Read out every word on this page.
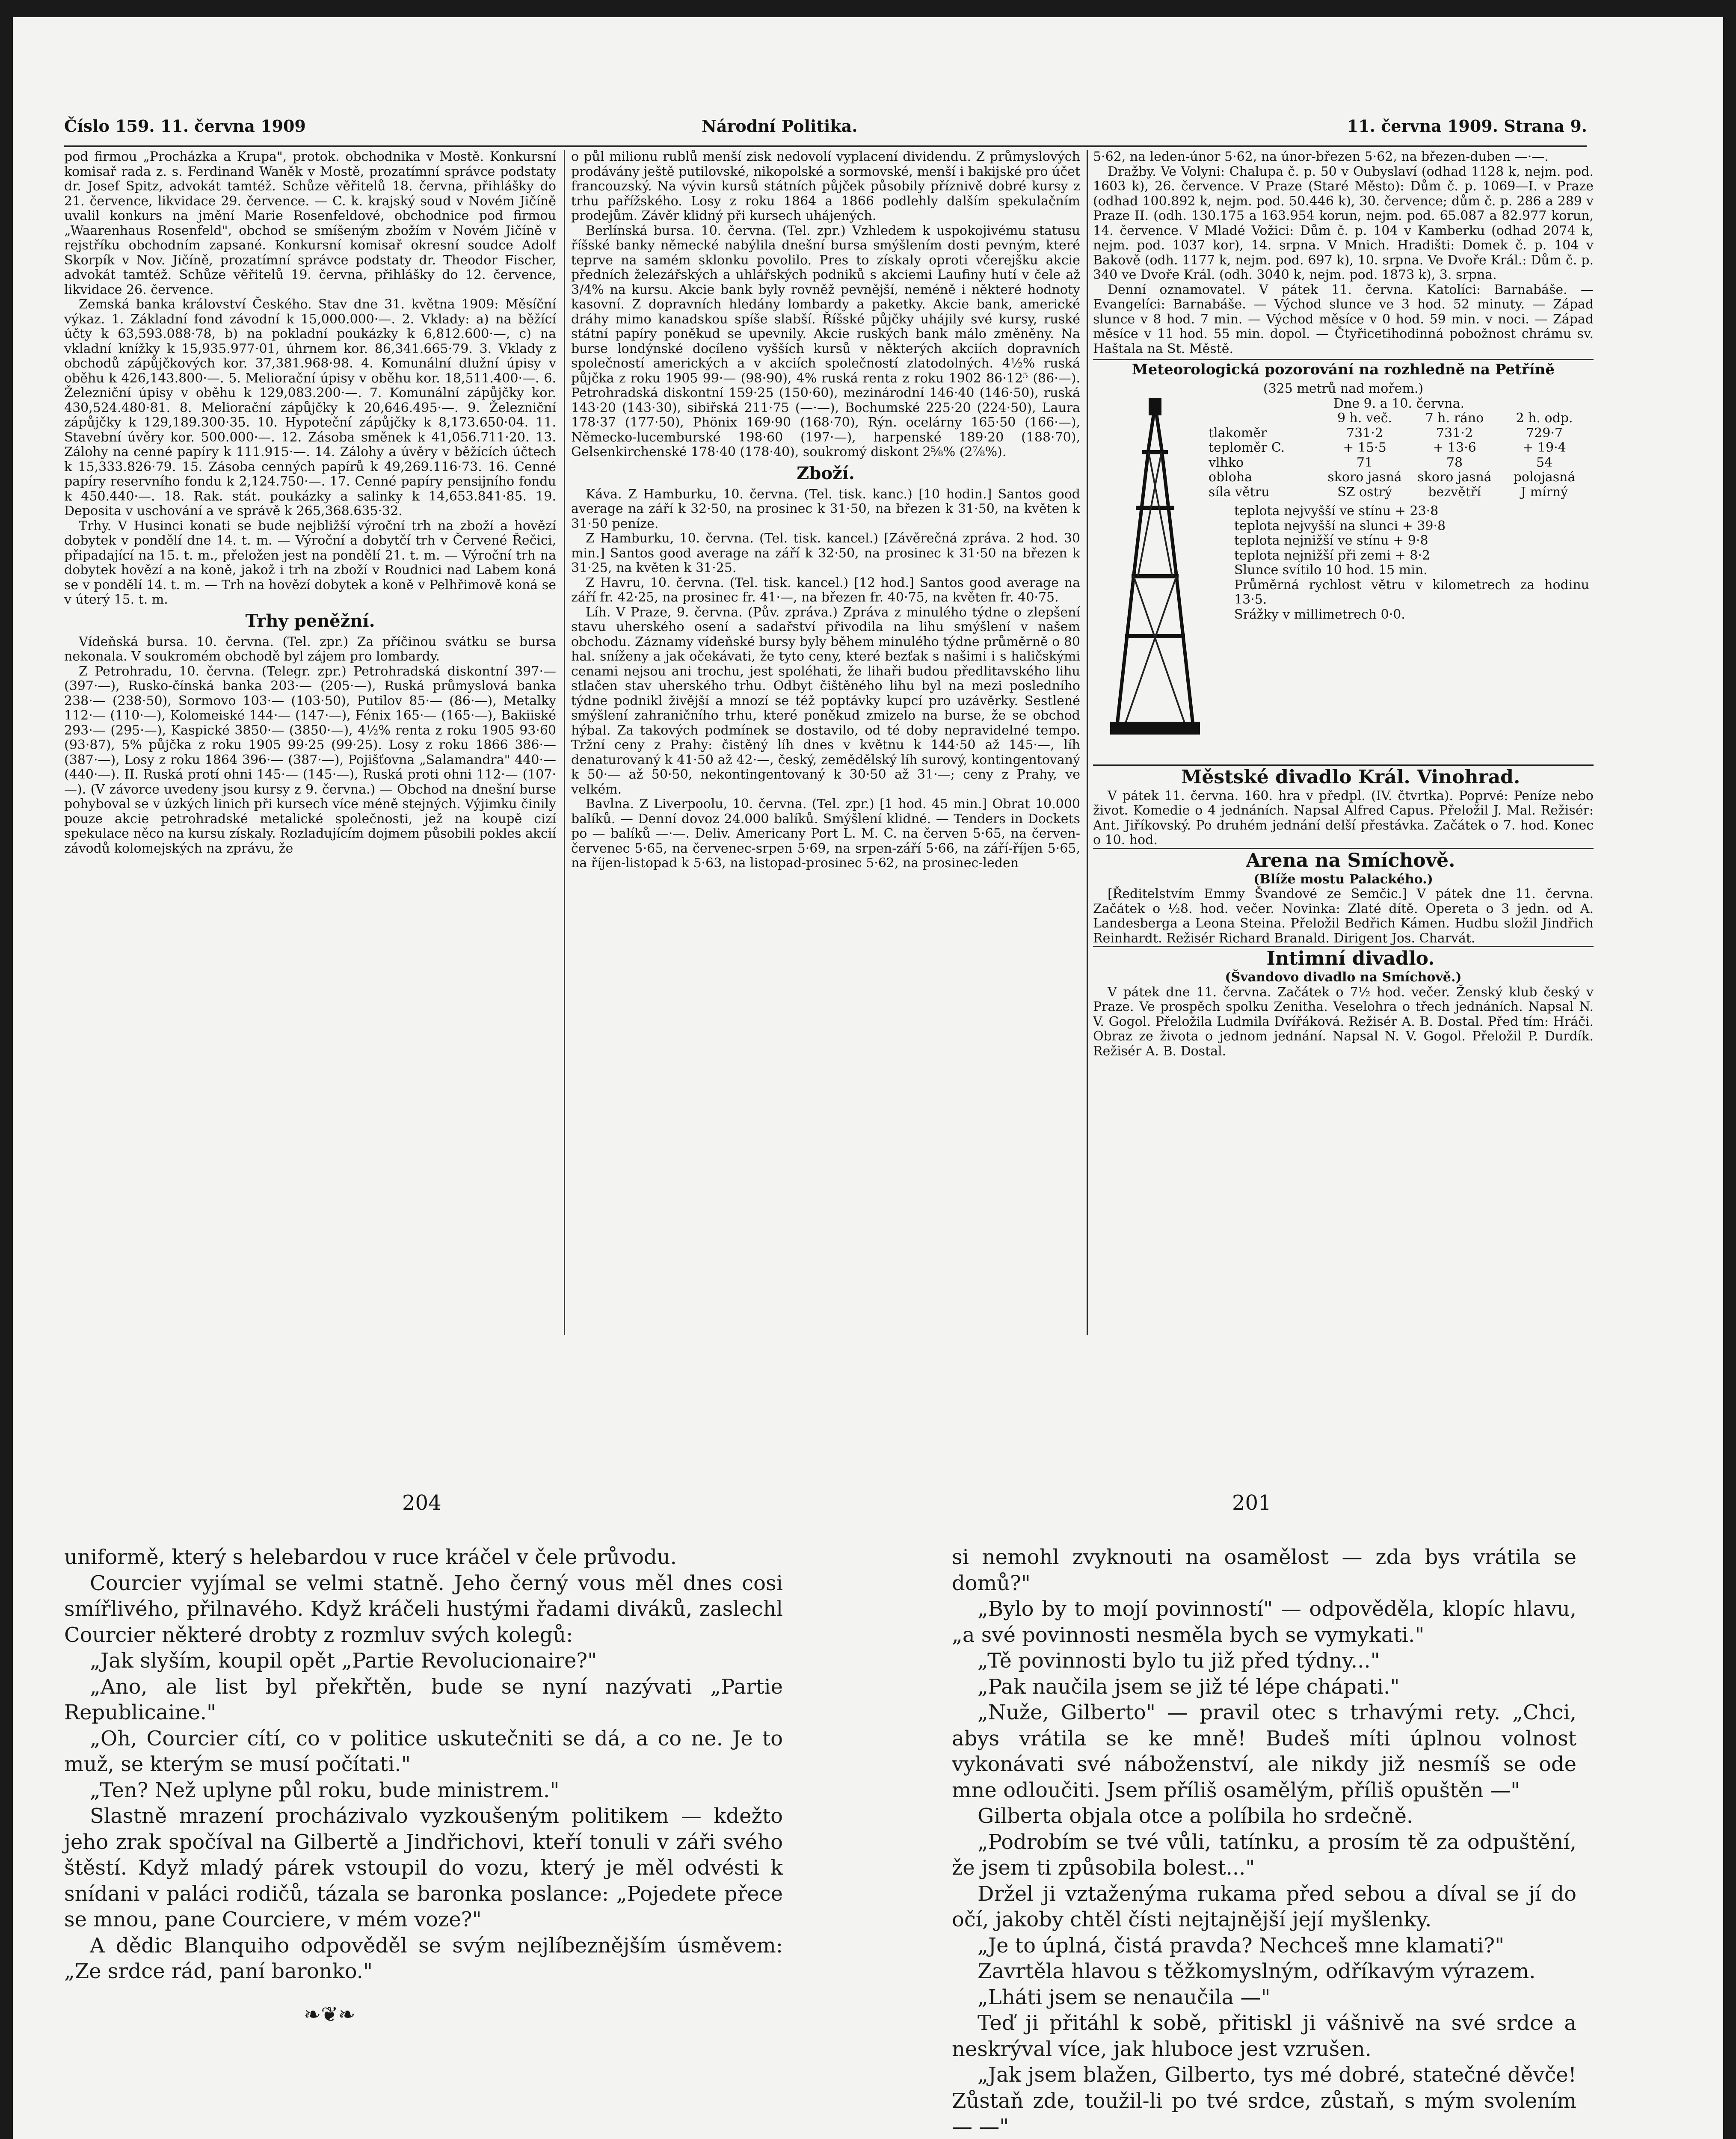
Číslo 159. 11. června 1909	Národní Politika.	11. června 1909. Strana 9.

pod firmou „Procházka a Krupa", protok. obchodnika v Mostě. Konkursní komisař rada z. s. Ferdinand Waněk v Mostě, prozatímní správce podstaty dr. Josef Spitz, advokát tamtéž. Schůze věřitelů 18. června, přihlášky do 21. července, likvidace 29. července. — C. k. krajský soud v Novém Jičíně uvalil konkurs na jmění Marie Rosenfeldové, obchodnice pod firmou „Waarenhaus Rosenfeld", obchod se smíšeným zbožím v Novém Jičíně v rejstříku obchodním zapsané. Konkursní komisař okresní soudce Adolf Skorpík v Nov. Jičíně, prozatímní správce podstaty dr. Theodor Fischer, advokát tamtéž. Schůze věřitelů 19. června, přihlášky do 12. července, likvidace 26. července.

Zemská banka království Českého. Stav dne 31. května 1909: Měsíční výkaz. 1. Základní fond závodní k 15,000.000·—. 2. Vklady: a) na běžící účty k 63,593.088·78, b) na pokladní poukázky k 6,812.600·—, c) na vkladní knížky k 15,935.977·01, úhrnem kor. 86,341.665·79. 3. Vklady z obchodů zápůjčkových kor. 37,381.968·98. 4. Komunální dlužní úpisy v oběhu k 426,143.800·—. 5. Meliorační úpisy v oběhu kor. 18,511.400·—. 6. Železniční úpisy v oběhu k 129,083.200·—. 7. Komunální zápůjčky kor. 430,524.480·81. 8. Meliorační zápůjčky k 20,646.495·—. 9. Železniční zápůjčky k 129,189.300·35. 10. Hypoteční zápůjčky k 8,173.650·04. 11. Stavební úvěry kor. 500.000·—. 12. Zásoba směnek k 41,056.711·20. 13. Zálohy na cenné papíry k 111.915·—. 14. Zálohy a úvěry v běžících účtech k 15,333.826·79. 15. Zásoba cenných papírů k 49,269.116·73. 16. Cenné papíry reservního fondu k 2,124.750·—. 17. Cenné papíry pensijního fondu k 450.440·—. 18. Rak. stát. poukázky a salinky k 14,653.841·85. 19. Deposita v uschování a ve správě k 265,368.635·32.

Trhy. V Husinci konati se bude nejbližší výroční trh na zboží a hovězí dobytek v pondělí dne 14. t. m. — Výroční a dobytčí trh v Červené Řečici, připadající na 15. t. m., přeložen jest na pondělí 21. t. m. — Výroční trh na dobytek hovězí a na koně, jakož i trh na zboží v Roudnici nad Labem koná se v pondělí 14. t. m. — Trh na hovězí dobytek a koně v Pelhřimově koná se v úterý 15. t. m.

Trhy peněžní.

Vídeňská bursa. 10. června. (Tel. zpr.) Za příčinou svátku se bursa nekonala. V soukromém obchodě byl zájem pro lombardy.

Z Petrohradu, 10. června. (Telegr. zpr.) Petrohradská diskontní 397·— (397·—), Rusko-čínská banka 203·— (205·—), Ruská průmyslová banka 238·— (238·50), Sormovo 103·— (103·50), Putilov 85·— (86·—), Metalky 112·— (110·—), Kolomeiské 144·— (147·—), Fénix 165·— (165·—), Bakiiské 293·— (295·—), Kaspické 3850·— (3850·—), 4½% renta z roku 1905 93·60 (93·87), 5% půjčka z roku 1905 99·25 (99·25). Losy z roku 1866 386·— (387·—), Losy z roku 1864 396·— (387·—), Pojišťovna „Salamandra" 440·— (440·—). II. Ruská protí ohni 145·— (145·—), Ruská proti ohni 112·— (107·—). (V závorce uvedeny jsou kursy z 9. června.) — Obchod na dnešní burse pohyboval se v úzkých linich při kursech více méně stejných. Výjimku činily pouze akcie petrohradské metalické společnosti, jež na koupě cizí spekulace něco na kursu získaly. Rozladujícím dojmem působili pokles akcií závodů kolomejských na zprávu, že

o půl milionu rublů menší zisk nedovolí vyplacení dividendu. Z průmyslových prodávány ještě putilovské, nikopolské a sormovské, menší i bakijské pro účet francouzský. Na vývin kursů státních půjček působily příznivě dobré kursy z trhu pařížského. Losy z roku 1864 a 1866 podlehly dalším spekulačním prodejům. Závěr klidný při kursech uhájených.

Berlínská bursa. 10. června. (Tel. zpr.) Vzhledem k uspokojivému statusu říšské banky německé nabýlila dnešní bursa smýšlením dosti pevným, které teprve na samém sklonku povolilo. Pres to získaly oproti včerejšku akcie předních železářských a uhlářských podniků s akciemi Laufiny hutí v čele až 3/4% na kursu. Akcie bank byly rovněž pevnější, neméně i některé hodnoty kasovní. Z dopravních hledány lombardy a paketky. Akcie bank, americké dráhy mimo kanadskou spíše slabší. Říšské půjčky uhájily své kursy, ruské státní papíry poněkud se upevnily. Akcie ruských bank málo změněny. Na burse londýnské docíleno vyšších kursů v některých akciích dopravních společností amerických a v akciích společností zlatodolných. 4½% ruská půjčka z roku 1905 99·— (98·90), 4% ruská renta z roku 1902 86·12⁵ (86·—). Petrohradská diskontní 159·25 (150·60), mezinárodní 146·40 (146·50), ruská 143·20 (143·30), sibiřská 211·75 (—·—), Bochumské 225·20 (224·50), Laura 178·37 (177·50), Phönix 169·90 (168·70), Rýn. ocelárny 165·50 (166·—), Německo-lucemburské 198·60 (197·—), harpenské 189·20 (188·70), Gelsenkirchenské 178·40 (178·40), soukromý diskont 2⅝% (2⅞%).

Zboží.

Káva. Z Hamburku, 10. června. (Tel. tisk. kanc.) [10 hodin.] Santos good average na září k 32·50, na prosinec k 31·50, na březen k 31·50, na květen k 31·50 peníze.

Z Hamburku, 10. června. (Tel. tisk. kancel.) [Závěrečná zpráva. 2 hod. 30 min.] Santos good average na září k 32·50, na prosinec k 31·50 na březen k 31·25, na květen k 31·25.

Z Havru, 10. června. (Tel. tisk. kancel.) [12 hod.] Santos good average na září fr. 42·25, na prosinec fr. 41·—, na březen fr. 40·75, na květen fr. 40·75.

Líh. V Praze, 9. června. (Pův. zpráva.) Zpráva z minulého týdne o zlepšení stavu uherského osení a sadařství přivodila na lihu smýšlení v našem obchodu. Záznamy vídeňské bursy byly během minulého týdne průměrně o 80 hal. sníženy a jak očekávati, že tyto ceny, které bezťak s našimi i s haličskými cenami nejsou ani trochu, jest spoléhati, že lihaři budou předlitavského lihu stlačen stav uherského trhu. Odbyt čištěného lihu byl na mezi posledního týdne podnikl živější a mnozí se též poptávky kupcí pro uzávěrky. Sestlené smýšlení zahraničního trhu, které poněkud zmizelo na burse, že se obchod hýbal. Za takových podmínek se dostavilo, od té doby nepravidelné tempo. Tržní ceny z Prahy: čistěný líh dnes v květnu k 144·50 až 145·—, líh denaturovaný k 41·50 až 42·—, český, zemědělský líh surový, kontingentovaný k 50·— až 50·50, nekontingentovaný k 30·50 až 31·—; ceny z Prahy, ve velkém.

Bavlna. Z Liverpoolu, 10. června. (Tel. zpr.) [1 hod. 45 min.] Obrat 10.000 balíků. — Denní dovoz 24.000 balíků. Smýšlení klidné. — Tenders in Dockets po — balíků —·—. Deliv. Americany Port L. M. C. na červen 5·65, na červen-červenec 5·65, na červenec-srpen 5·69, na srpen-září 5·66, na září-říjen 5·65, na říjen-listopad k 5·63, na listopad-prosinec 5·62, na prosinec-leden

5·62, na leden-únor 5·62, na únor-březen 5·62, na březen-duben —·—.

Dražby. Ve Volyni: Chalupa č. p. 50 v Oubyslaví (odhad 1128 k, nejm. pod. 1603 k), 26. července. V Praze (Staré Město): Dům č. p. 1069—I. v Praze (odhad 100.892 k, nejm. pod. 50.446 k), 30. července; dům č. p. 286 a 289 v Praze II. (odh. 130.175 a 163.954 korun, nejm. pod. 65.087 a 82.977 korun, 14. července. V Mladé Vožici: Dům č. p. 104 v Kamberku (odhad 2074 k, nejm. pod. 1037 kor), 14. srpna. V Mnich. Hradišti: Domek č. p. 104 v Bakově (odh. 1177 k, nejm. pod. 697 k), 10. srpna. Ve Dvoře Král.: Dům č. p. 340 ve Dvoře Král. (odh. 3040 k, nejm. pod. 1873 k), 3. srpna.

Denní oznamovatel. V pátek 11. června. Katolíci: Barnabáše. — Evangelíci: Barnabáše. — Východ slunce ve 3 hod. 52 minuty. — Západ slunce v 8 hod. 7 min. — Východ měsíce v 0 hod. 59 min. v noci. — Západ měsíce v 11 hod. 55 min. dopol. — Čtyřicetihodinná pobožnost chrámu sv. Haštala na St. Městě.

Meteorologická pozorování na rozhledně na Petříně

(325 metrů nad mořem.)

Dne 9. a 10. června.
9 h. več.	7 h. ráno	2 h. odp.
tlakoměr	731·2	731·2	729·7
teploměr C.	+ 15·5	+ 13·6	+ 19·4
vlhko	71	78	54
obloha	skoro jasná	skoro jasná	polojasná
síla větru	SZ ostrý	bezvětří	J mírný
teplota nejvyšší ve stínu + 23·8
teplota nejvyšší na slunci + 39·8
teplota nejnižší ve stínu + 9·8
teplota nejnižší při zemi + 8·2
Slunce svítilo 10 hod. 15 min.
Průměrná rychlost větru v kilometrech za hodinu 13·5.
Srážky v millimetrech 0·0.

Městské divadlo Král. Vinohrad.

V pátek 11. června. 160. hra v předpl. (IV. čtvrtka). Poprvé: Peníze nebo život. Komedie o 4 jednáních. Napsal Alfred Capus. Přeložil J. Mal. Režisér: Ant. Jiříkovský. Po druhém jednání delší přestávka. Začátek o 7. hod. Konec o 10. hod.

Arena na Smíchově.

(Blíže mostu Palackého.)

[Ředitelstvím Emmy Švandové ze Semčic.] V pátek dne 11. června. Začátek o ½8. hod. večer. Novinka: Zlaté dítě. Opereta o 3 jedn. od A. Landesberga a Leona Steina. Přeložil Bedřich Kámen. Hudbu složil Jindřich Reinhardt. Režisér Richard Branald. Dirigent Jos. Charvát.

Intimní divadlo.

(Švandovo divadlo na Smíchově.)

V pátek dne 11. června. Začátek o 7½ hod. večer. Ženský klub český v Praze. Ve prospěch spolku Zenitha. Veselohra o třech jednáních. Napsal N. V. Gogol. Přeložila Ludmila Dvířáková. Režisér A. B. Dostal. Před tím: Hráči. Obraz ze života o jednom jednání. Napsal N. V. Gogol. Přeložil P. Durdík. Režisér A. B. Dostal.

204

uniformě, který s helebardou v ruce kráčel v čele průvodu.

Courcier vyjímal se velmi statně. Jeho černý vous měl dnes cosi smířlivého, přilnavého. Když kráčeli hustými řadami diváků, zaslechl Courcier některé drobty z rozmluv svých kolegů:

„Jak slyším, koupil opět „Partie Revolucionaire?"

„Ano, ale list byl překřtěn, bude se nyní nazývati „Partie Republicaine."

„Oh, Courcier cítí, co v politice uskutečniti se dá, a co ne. Je to muž, se kterým se musí počítati."

„Ten? Než uplyne půl roku, bude ministrem."

Slastně mrazení procházivalo vyzkoušeným politikem — kdežto jeho zrak spočíval na Gilbertě a Jindřichovi, kteří tonuli v záři svého štěstí. Když mladý párek vstoupil do vozu, který je měl odvésti k snídani v paláci rodičů, tázala se baronka poslance: „Pojedete přece se mnou, pane Courciere, v mém voze?"

A dědic Blanquiho odpověděl se svým nejlíbeznějším úsměvem: „Ze srdce rád, paní baronko."

❧❦❧

201

si nemohl zvyknouti na osamělost — zda bys vrátila se domů?"

„Bylo by to mojí povinností" — odpověděla, klopíc hlavu, „a své povinnosti nesměla bych se vymykati."

„Tě povinnosti bylo tu již před týdny..."

„Pak naučila jsem se již té lépe chápati."

„Nuže, Gilberto" — pravil otec s trhavými rety. „Chci, abys vrátila se ke mně! Budeš míti úplnou volnost vykonávati své náboženství, ale nikdy již nesmíš se ode mne odloučiti. Jsem příliš osamělým, příliš opuštěn —"

Gilberta objala otce a políbila ho srdečně.

„Podrobím se tvé vůli, tatínku, a prosím tě za odpuštění, že jsem ti způsobila bolest..."

Držel ji vztaženýma rukama před sebou a díval se jí do očí, jakoby chtěl čísti nejtajnější její myšlenky.

„Je to úplná, čistá pravda? Nechceš mne klamati?"

Zavrtěla hlavou s těžkomyslným, odříkavým výrazem.

„Lháti jsem se nenaučila —"

Teď ji přitáhl k sobě, přitiskl ji vášnivě na své srdce a neskrýval více, jak hluboce jest vzrušen.

„Jak jsem blažen, Gilberto, tys mé dobré, statečné děvče! Zůstaň zde, toužil-li po tvé srdce, zůstaň, s mým svolením — —"
